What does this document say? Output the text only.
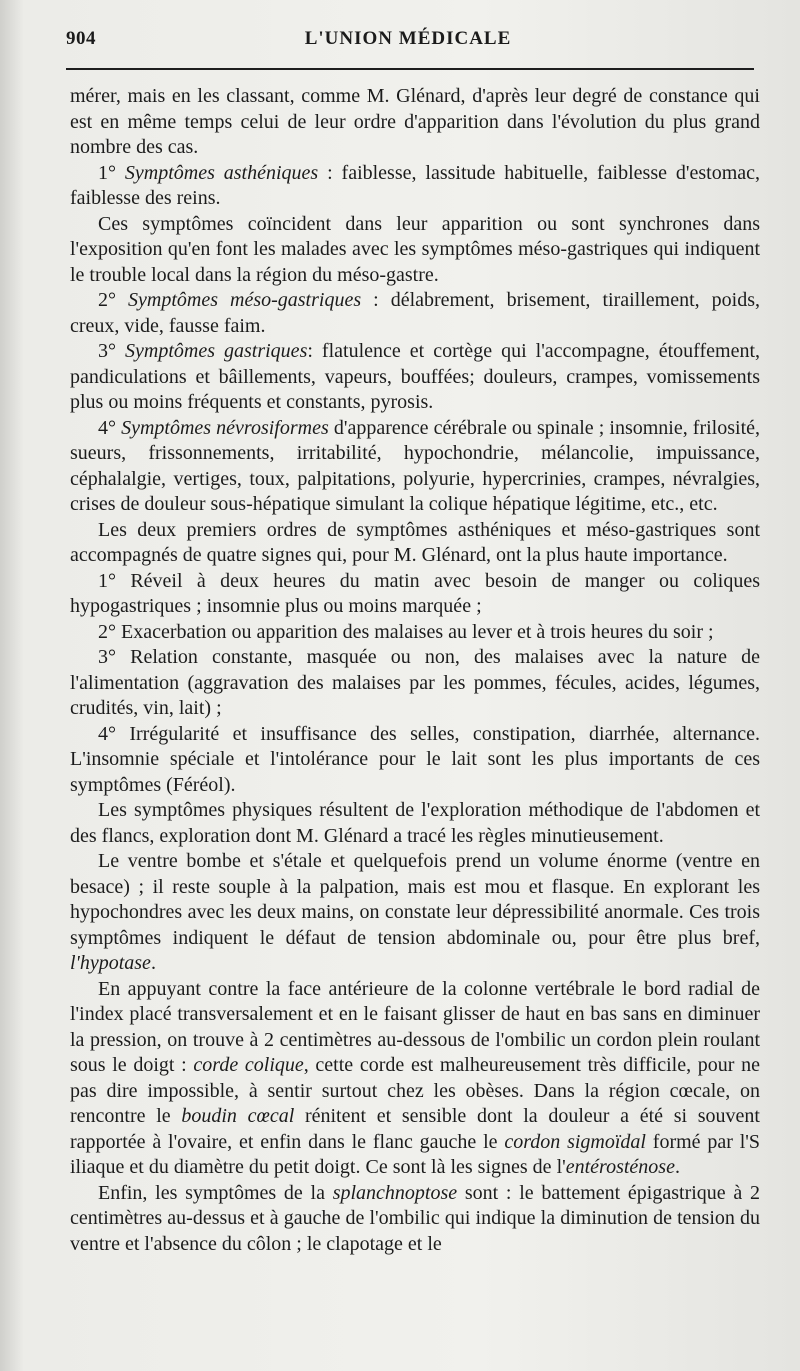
904	L'UNION MÉDICALE

mérer, mais en les classant, comme M. Glénard, d'après leur degré de constance qui est en même temps celui de leur ordre d'apparition dans l'évolution du plus grand nombre des cas.

1° Symptômes asthéniques : faiblesse, lassitude habituelle, faiblesse d'estomac, faiblesse des reins.

Ces symptômes coïncident dans leur apparition ou sont synchrones dans l'exposition qu'en font les malades avec les symptômes méso-gastriques qui indiquent le trouble local dans la région du méso-gastre.

2° Symptômes méso-gastriques : délabrement, brisement, tiraillement, poids, creux, vide, fausse faim.

3° Symptômes gastriques: flatulence et cortège qui l'accompagne, étouffement, pandiculations et bâillements, vapeurs, bouffées; douleurs, crampes, vomissements plus ou moins fréquents et constants, pyrosis.

4° Symptômes névrosiformes d'apparence cérébrale ou spinale ; insomnie, frilosité, sueurs, frissonnements, irritabilité, hypochondrie, mélancolie, impuissance, céphalalgie, vertiges, toux, palpitations, polyurie, hypercrinies, crampes, névralgies, crises de douleur sous-hépatique simulant la colique hépatique légitime, etc., etc.

Les deux premiers ordres de symptômes asthéniques et méso-gastriques sont accompagnés de quatre signes qui, pour M. Glénard, ont la plus haute importance.

1° Réveil à deux heures du matin avec besoin de manger ou coliques hypogastriques ; insomnie plus ou moins marquée ;

2° Exacerbation ou apparition des malaises au lever et à trois heures du soir ;

3° Relation constante, masquée ou non, des malaises avec la nature de l'alimentation (aggravation des malaises par les pommes, fécules, acides, légumes, crudités, vin, lait) ;

4° Irrégularité et insuffisance des selles, constipation, diarrhée, alternance. L'insomnie spéciale et l'intolérance pour le lait sont les plus importants de ces symptômes (Féréol).

Les symptômes physiques résultent de l'exploration méthodique de l'abdomen et des flancs, exploration dont M. Glénard a tracé les règles minutieusement.

Le ventre bombe et s'étale et quelquefois prend un volume énorme (ventre en besace) ; il reste souple à la palpation, mais est mou et flasque. En explorant les hypochondres avec les deux mains, on constate leur dépressibilité anormale. Ces trois symptômes indiquent le défaut de tension abdominale ou, pour être plus bref, l'hypotase.

En appuyant contre la face antérieure de la colonne vertébrale le bord radial de l'index placé transversalement et en le faisant glisser de haut en bas sans en diminuer la pression, on trouve à 2 centimètres au-dessous de l'ombilic un cordon plein roulant sous le doigt : corde colique, cette corde est malheureusement très difficile, pour ne pas dire impossible, à sentir surtout chez les obèses. Dans la région cœcale, on rencontre le boudin cœcal rénitent et sensible dont la douleur a été si souvent rapportée à l'ovaire, et enfin dans le flanc gauche le cordon sigmoïdal formé par l'S iliaque et du diamètre du petit doigt. Ce sont là les signes de l'entérosténose.

Enfin, les symptômes de la splanchnoptose sont : le battement épigastrique à 2 centimètres au-dessus et à gauche de l'ombilic qui indique la diminution de tension du ventre et l'absence du côlon ; le clapotage et le
